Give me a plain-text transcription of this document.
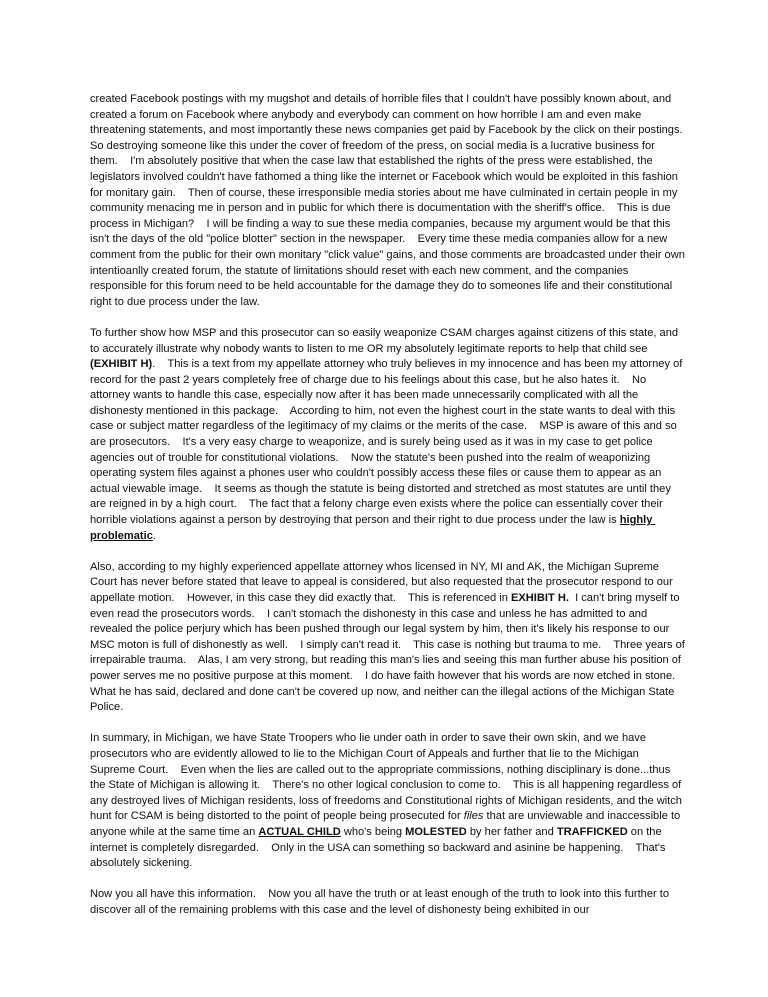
created Facebook postings with my mugshot and details of horrible files that I couldn't have possibly known about, and created a forum on Facebook where anybody and everybody can comment on how horrible I am and even make threatening statements, and most importantly these news companies get paid by Facebook by the click on their postings.    So destroying someone like this under the cover of freedom of the press, on social media is a lucrative business for them.    I'm absolutely positive that when the case law that established the rights of the press were established, the legislators involved couldn't have fathomed a thing like the internet or Facebook which would be exploited in this fashion for monitary gain.    Then of course, these irresponsible media stories about me have culminated in certain people in my community menacing me in person and in public for which there is documentation with the sheriff's office.    This is due process in Michigan?    I will be finding a way to sue these media companies, because my argument would be that this isn't the days of the old "police blotter" section in the newspaper.    Every time these media companies allow for a new comment from the public for their own monitary "click value" gains, and those comments are broadcasted under their own intentioanlly created forum, the statute of limitations should reset with each new comment, and the companies responsible for this forum need to be held accountable for the damage they do to someones life and their constitutional right to due process under the law.

To further show how MSP and this prosecutor can so easily weaponize CSAM charges against citizens of this state, and to accurately illustrate why nobody wants to listen to me OR my absolutely legitimate reports to help that child see (EXHIBIT H).    This is a text from my appellate attorney who truly believes in my innocence and has been my attorney of record for the past 2 years completely free of charge due to his feelings about this case, but he also hates it.    No attorney wants to handle this case, especially now after it has been made unnecessarily complicated with all the dishonesty mentioned in this package.    According to him, not even the highest court in the state wants to deal with this case or subject matter regardless of the legitimacy of my claims or the merits of the case.    MSP is aware of this and so are prosecutors.    It's a very easy charge to weaponize, and is surely being used as it was in my case to get police agencies out of trouble for constitutional violations.    Now the statute's been pushed into the realm of weaponizing operating system files against a phones user who couldn't possibly access these files or cause them to appear as an actual viewable image.    It seems as though the statute is being distorted and stretched as most statutes are until they are reigned in by a high court.    The fact that a felony charge even exists where the police can essentially cover their horrible violations against a person by destroying that person and their right to due process under the law is highly problematic.

Also, according to my highly experienced appellate attorney whos licensed in NY, MI and AK, the Michigan Supreme Court has never before stated that leave to appeal is considered, but also requested that the prosecutor respond to our appellate motion.    However, in this case they did exactly that.    This is referenced in EXHIBIT H.  I can't bring myself to even read the prosecutors words.    I can't stomach the dishonesty in this case and unless he has admitted to and revealed the police perjury which has been pushed through our legal system by him, then it's likely his response to our MSC moton is full of dishonestly as well.    I simply can't read it.    This case is nothing but trauma to me.    Three years of irrepairable trauma.    Alas, I am very strong, but reading this man's lies and seeing this man further abuse his position of power serves me no positive purpose at this moment.    I do have faith however that his words are now etched in stone.    What he has said, declared and done can't be covered up now, and neither can the illegal actions of the Michigan State Police.

In summary, in Michigan, we have State Troopers who lie under oath in order to save their own skin, and we have prosecutors who are evidently allowed to lie to the Michigan Court of Appeals and further that lie to the Michigan Supreme Court.    Even when the lies are called out to the appropriate commissions, nothing disciplinary is done...thus the State of Michigan is allowing it.    There's no other logical conclusion to come to.    This is all happening regardless of any destroyed lives of Michigan residents, loss of freedoms and Constitutional rights of Michigan residents, and the witch hunt for CSAM is being distorted to the point of people being prosecuted for files that are unviewable and inaccessible to anyone while at the same time an ACTUAL CHILD who's being MOLESTED by her father and TRAFFICKED on the internet is completely disregarded.    Only in the USA can something so backward and asinine be happening.    That's absolutely sickening.

Now you all have this information.    Now you all have the truth or at least enough of the truth to look into this further to discover all of the remaining problems with this case and the level of dishonesty being exhibited in our
